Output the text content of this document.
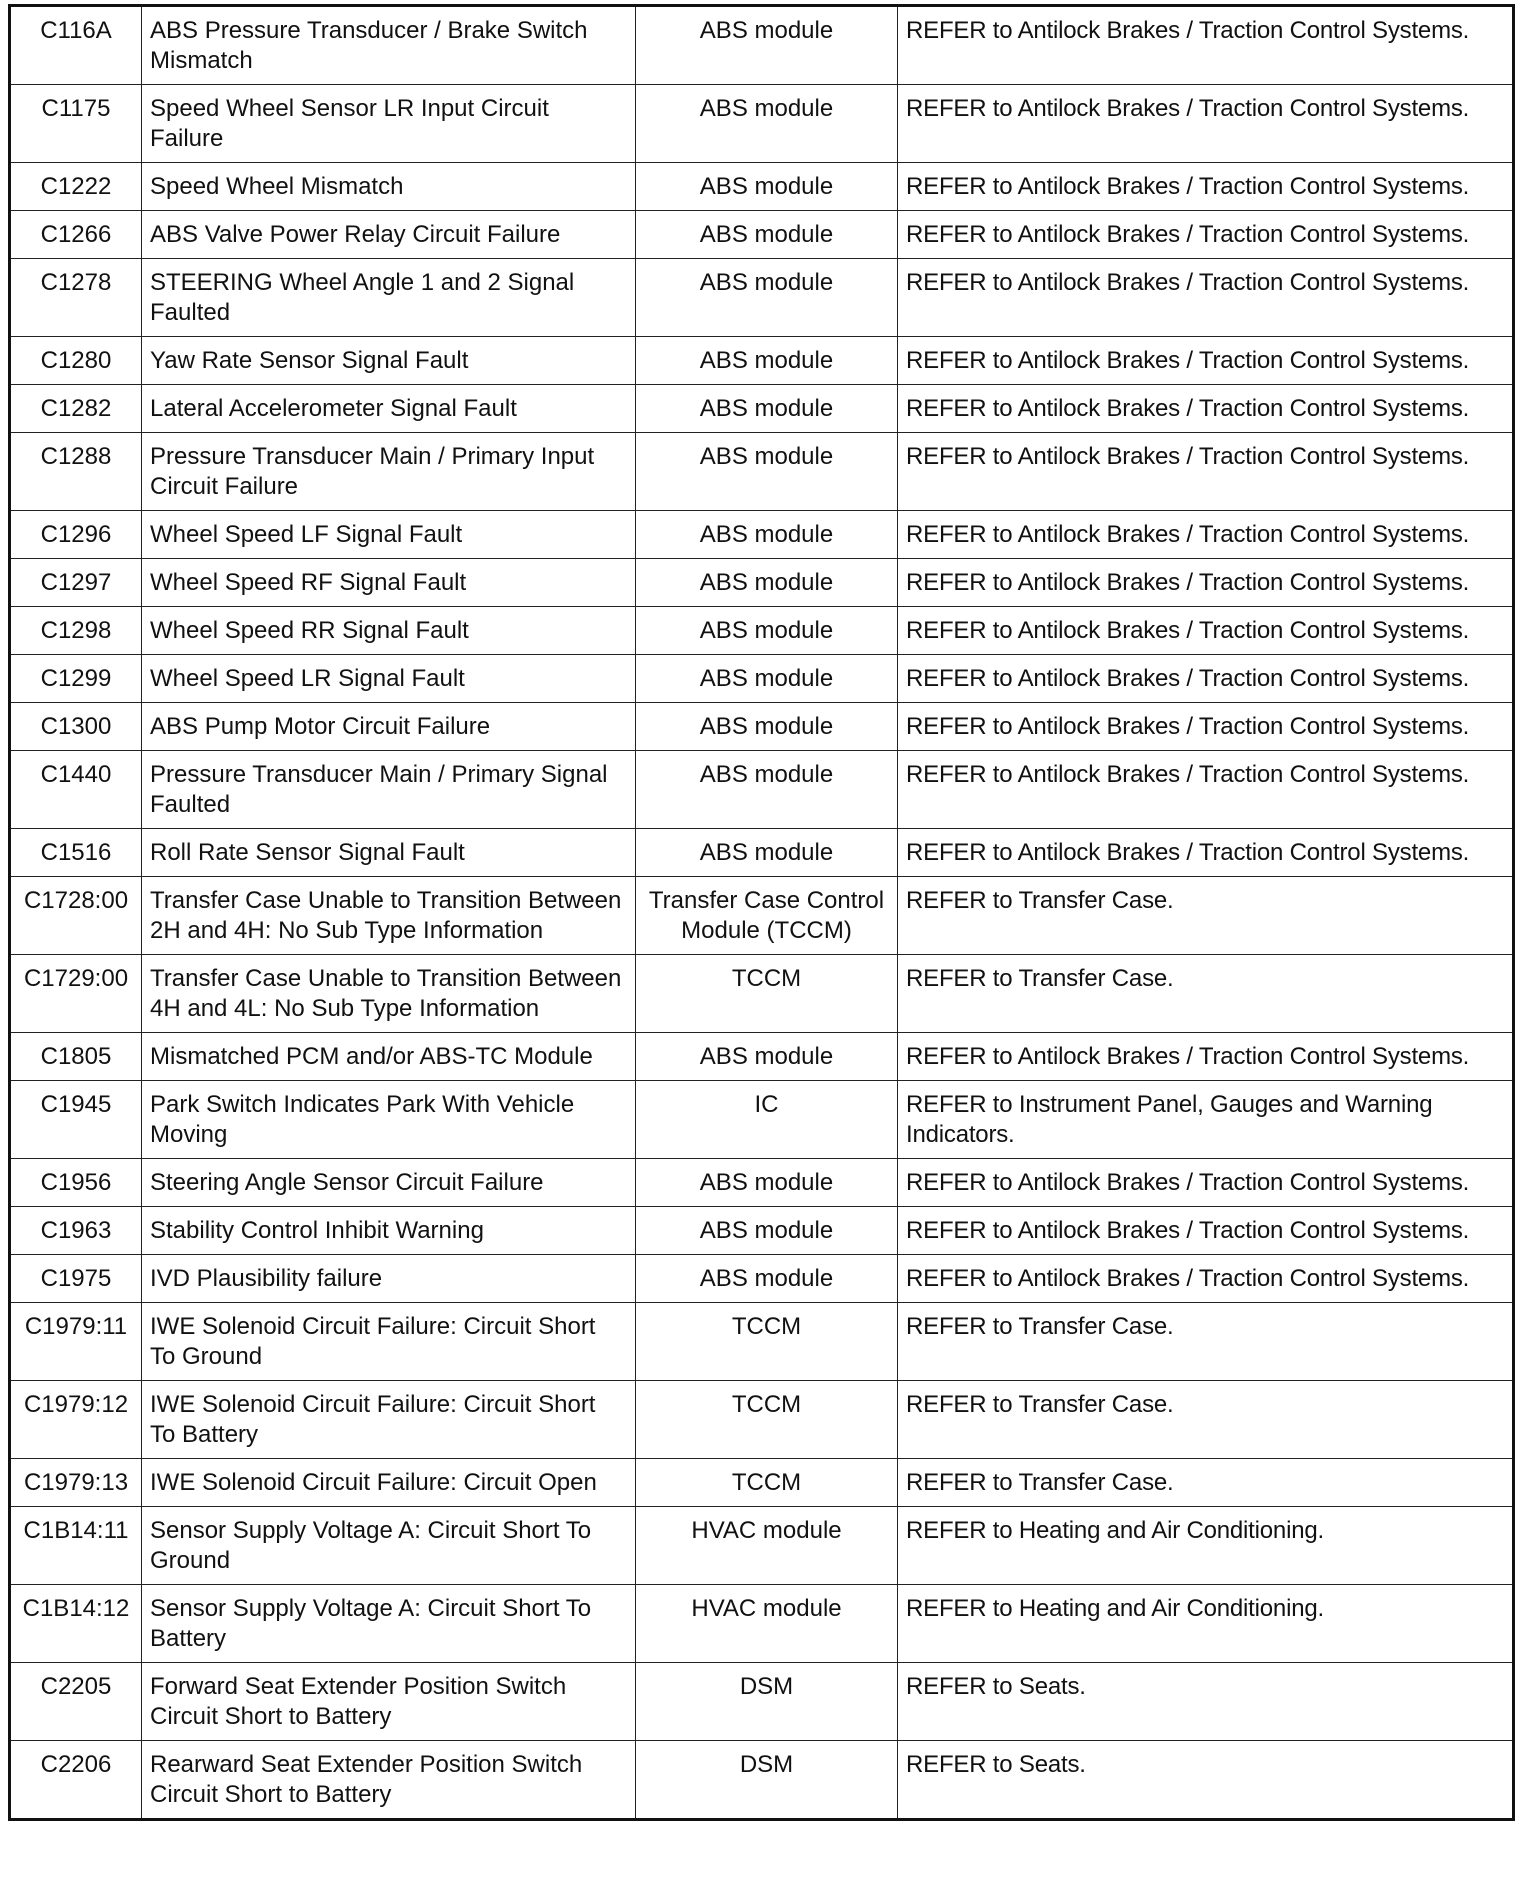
C116A	ABS Pressure Transducer / Brake Switch Mismatch	ABS module	REFER to Antilock Brakes / Traction Control Systems.
C1175	Speed Wheel Sensor LR Input Circuit Failure	ABS module	REFER to Antilock Brakes / Traction Control Systems.
C1222	Speed Wheel Mismatch	ABS module	REFER to Antilock Brakes / Traction Control Systems.
C1266	ABS Valve Power Relay Circuit Failure	ABS module	REFER to Antilock Brakes / Traction Control Systems.
C1278	STEERING Wheel Angle 1 and 2 Signal Faulted	ABS module	REFER to Antilock Brakes / Traction Control Systems.
C1280	Yaw Rate Sensor Signal Fault	ABS module	REFER to Antilock Brakes / Traction Control Systems.
C1282	Lateral Accelerometer Signal Fault	ABS module	REFER to Antilock Brakes / Traction Control Systems.
C1288	Pressure Transducer Main / Primary Input Circuit Failure	ABS module	REFER to Antilock Brakes / Traction Control Systems.
C1296	Wheel Speed LF Signal Fault	ABS module	REFER to Antilock Brakes / Traction Control Systems.
C1297	Wheel Speed RF Signal Fault	ABS module	REFER to Antilock Brakes / Traction Control Systems.
C1298	Wheel Speed RR Signal Fault	ABS module	REFER to Antilock Brakes / Traction Control Systems.
C1299	Wheel Speed LR Signal Fault	ABS module	REFER to Antilock Brakes / Traction Control Systems.
C1300	ABS Pump Motor Circuit Failure	ABS module	REFER to Antilock Brakes / Traction Control Systems.
C1440	Pressure Transducer Main / Primary Signal Faulted	ABS module	REFER to Antilock Brakes / Traction Control Systems.
C1516	Roll Rate Sensor Signal Fault	ABS module	REFER to Antilock Brakes / Traction Control Systems.
C1728:00	Transfer Case Unable to Transition Between 2H and 4H: No Sub Type Information	Transfer Case Control Module (TCCM)	REFER to Transfer Case.
C1729:00	Transfer Case Unable to Transition Between 4H and 4L: No Sub Type Information	TCCM	REFER to Transfer Case.
C1805	Mismatched PCM and/or ABS-TC Module	ABS module	REFER to Antilock Brakes / Traction Control Systems.
C1945	Park Switch Indicates Park With Vehicle Moving	IC	REFER to Instrument Panel, Gauges and Warning Indicators.
C1956	Steering Angle Sensor Circuit Failure	ABS module	REFER to Antilock Brakes / Traction Control Systems.
C1963	Stability Control Inhibit Warning	ABS module	REFER to Antilock Brakes / Traction Control Systems.
C1975	IVD Plausibility failure	ABS module	REFER to Antilock Brakes / Traction Control Systems.
C1979:11	IWE Solenoid Circuit Failure: Circuit Short To Ground	TCCM	REFER to Transfer Case.
C1979:12	IWE Solenoid Circuit Failure: Circuit Short To Battery	TCCM	REFER to Transfer Case.
C1979:13	IWE Solenoid Circuit Failure: Circuit Open	TCCM	REFER to Transfer Case.
C1B14:11	Sensor Supply Voltage A: Circuit Short To Ground	HVAC module	REFER to Heating and Air Conditioning.
C1B14:12	Sensor Supply Voltage A: Circuit Short To Battery	HVAC module	REFER to Heating and Air Conditioning.
C2205	Forward Seat Extender Position Switch Circuit Short to Battery	DSM	REFER to Seats.
C2206	Rearward Seat Extender Position Switch Circuit Short to Battery	DSM	REFER to Seats.
